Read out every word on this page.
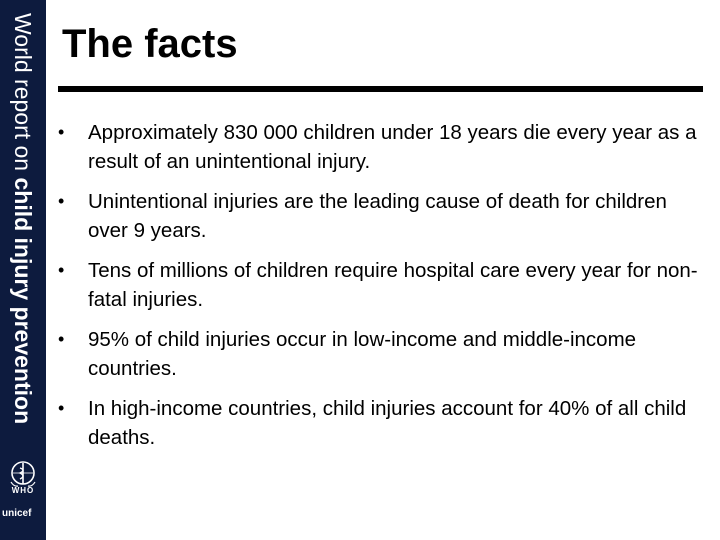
World report on child injury prevention
WHO
unicef
The facts
• Approximately 830 000 children under 18 years die every year as a result of an unintentional injury.
• Unintentional injuries are the leading cause of death for children over 9 years.
• Tens of millions of children require hospital care every year for non-fatal injuries.
• 95% of child injuries occur in low-income and middle-income countries.
• In high-income countries, child injuries account for 40% of all child deaths.
